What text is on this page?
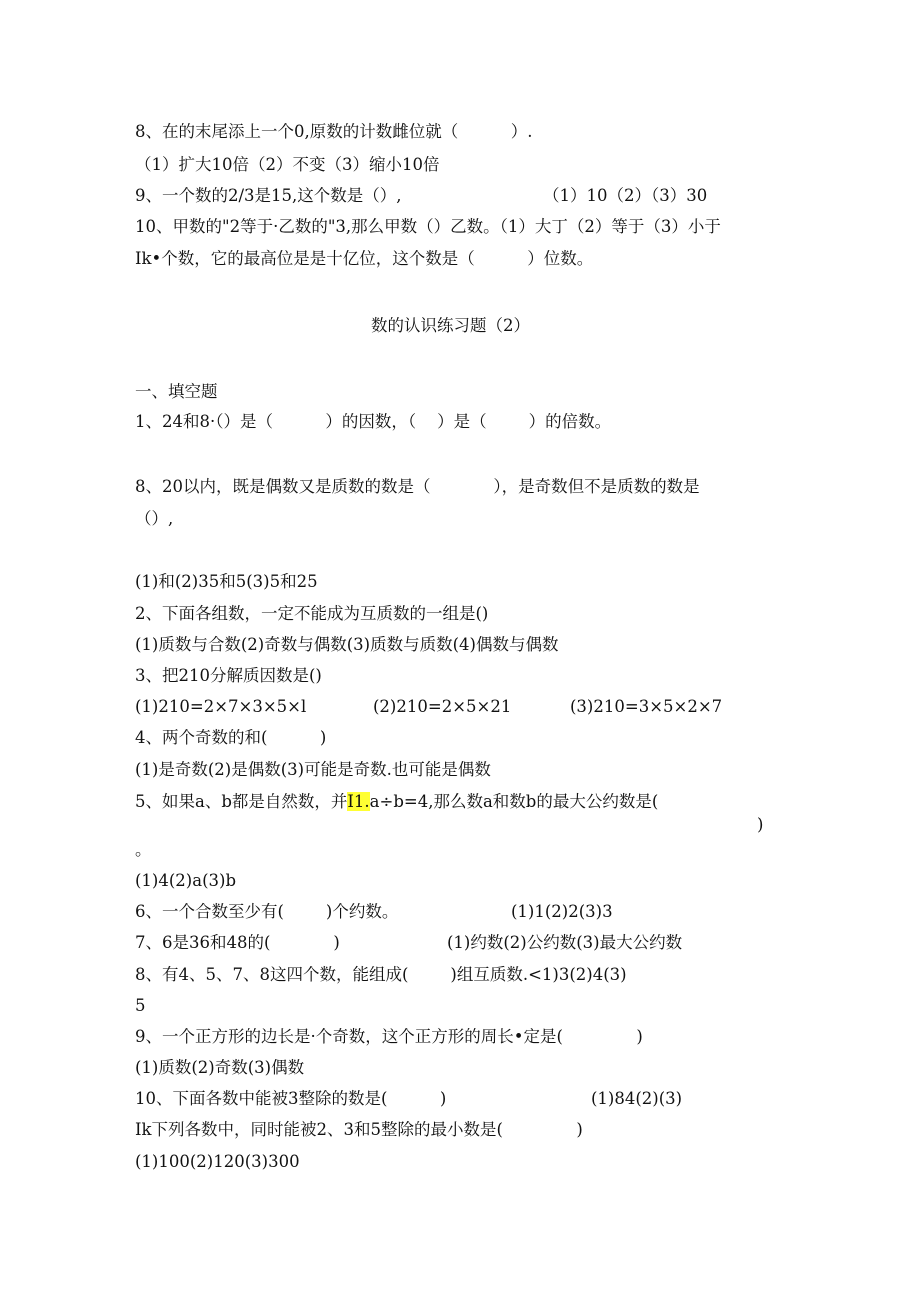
8、在的末尾添上一个0,原数的计数雌位就（          ）.
（1）扩大10倍（2）不变（3）缩小10倍
9、一个数的2/3是15,这个数是（）,	（1）10（2）（3）30
10、甲数的"2等于·乙数的"3,那么甲数（）乙数。（1）大丁（2）等于（3）小于
Ik•个数，它的最高位是是十亿位，这个数是（          ）位数。
数的认识练习题（2）
一、填空题
1、24和8·（）是（          ）的因数，（    ）是（        ）的倍数。
8、20以内，既是偶数又是质数的数是（            ），是奇数但不是质数的数是
（）,
(1)和(2)35和5(3)5和25
2、下面各组数，一定不能成为互质数的一组是()
(1)质数与合数(2)奇数与偶数(3)质数与质数(4)偶数与偶数
3、把210分解质因数是()
(1)210=2×7×3×5×l	(2)210=2×5×21	(3)210=3×5×2×7
4、两个奇数的和(          )
(1)是奇数(2)是偶数(3)可能是奇数.也可能是偶数
5、如果a、b都是自然数，并I1.a÷b=4,那么数a和数b的最大公约数是(
)
。
(1)4(2)a(3)b
6、一个合数至少有(        )个约数。	(1)1(2)2(3)3
7、6是36和48的(            )	(1)约数(2)公约数(3)最大公约数
8、有4、5、7、8这四个数，能组成(        )组互质数.<1)3(2)4(3)
5
9、一个正方形的边长是·个奇数，这个正方形的周长•定是(              )
(1)质数(2)奇数(3)偶数
10、下面各数中能被3整除的数是(          )	(1)84(2)(3)
Ik下列各数中，同时能被2、3和5整除的最小数是(              )
(1)100(2)120(3)300
